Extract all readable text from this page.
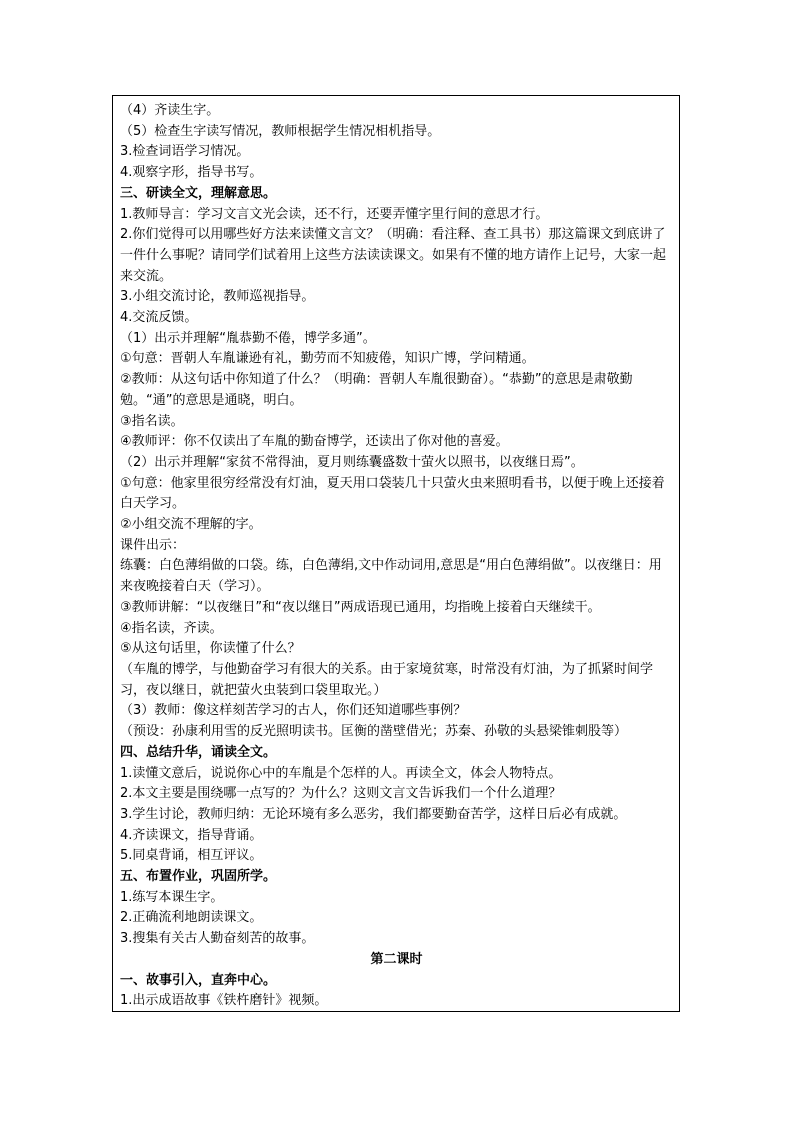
（4）齐读生字。
（5）检查生字读写情况，教师根据学生情况相机指导。
3.检查词语学习情况。
4.观察字形，指导书写。
三、研读全文，理解意思。
1.教师导言：学习文言文光会读，还不行，还要弄懂字里行间的意思才行。
2.你们觉得可以用哪些好方法来读懂文言文？（明确：看注释、查工具书）那这篇课文到底讲了一件什么事呢？请同学们试着用上这些方法读读课文。如果有不懂的地方请作上记号，大家一起来交流。
3.小组交流讨论，教师巡视指导。
4.交流反馈。
（1）出示并理解“胤恭勤不倦，博学多通”。
①句意：晋朝人车胤谦逊有礼，勤劳而不知疲倦，知识广博，学问精通。
②教师：从这句话中你知道了什么？（明确：晋朝人车胤很勤奋）。“恭勤”的意思是肃敬勤勉。“通”的意思是通晓，明白。
③指名读。
④教师评：你不仅读出了车胤的勤奋博学，还读出了你对他的喜爱。
（2）出示并理解“家贫不常得油，夏月则练囊盛数十萤火以照书，以夜继日焉”。
①句意：他家里很穷经常没有灯油，夏天用口袋装几十只萤火虫来照明看书，以便于晚上还接着白天学习。
②小组交流不理解的字。
课件出示：
练囊：白色薄绢做的口袋。练，白色薄绢,文中作动词用,意思是“用白色薄绢做”。以夜继日：用来夜晚接着白天（学习）。
③教师讲解：“以夜继日”和“夜以继日”两成语现已通用，均指晚上接着白天继续干。
④指名读，齐读。
⑤从这句话里，你读懂了什么？
（车胤的博学，与他勤奋学习有很大的关系。由于家境贫寒，时常没有灯油，为了抓紧时间学习，夜以继日，就把萤火虫装到口袋里取光。）
（3）教师：像这样刻苦学习的古人，你们还知道哪些事例？
（预设：孙康利用雪的反光照明读书。匡衡的凿壁借光；苏秦、孙敬的头悬梁锥刺股等）
四、总结升华，诵读全文。
1.读懂文意后，说说你心中的车胤是个怎样的人。再读全文，体会人物特点。
2.本文主要是围绕哪一点写的？为什么？这则文言文告诉我们一个什么道理？
3.学生讨论，教师归纳：无论环境有多么恶劣，我们都要勤奋苦学，这样日后必有成就。
4.齐读课文，指导背诵。
5.同桌背诵，相互评议。
五、布置作业，巩固所学。
1.练写本课生字。
2.正确流利地朗读课文。
3.搜集有关古人勤奋刻苦的故事。
第二课时
一、故事引入，直奔中心。
1.出示成语故事《铁杵磨针》视频。
